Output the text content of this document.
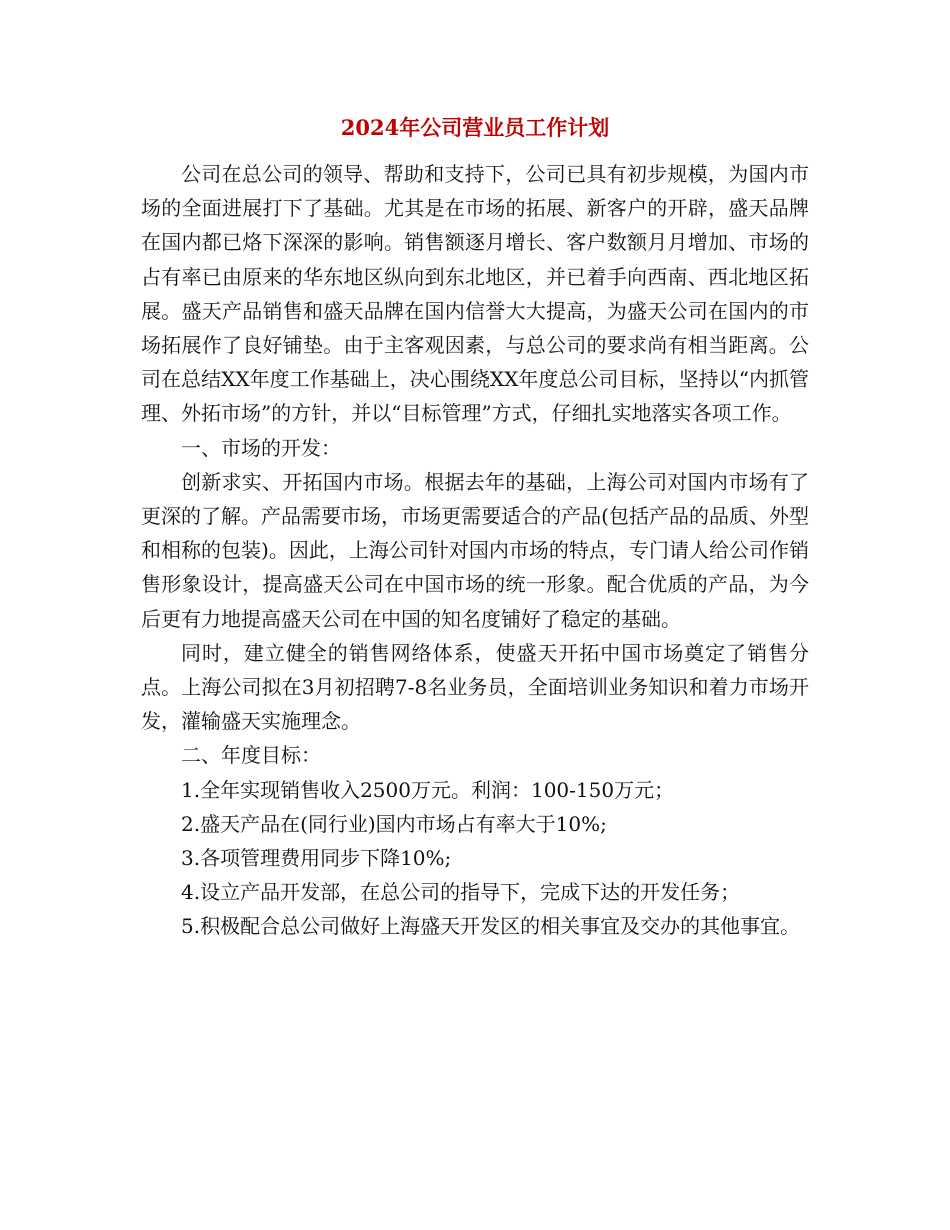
2024年公司营业员工作计划

公司在总公司的领导、帮助和支持下，公司已具有初步规模，为国内市场的全面进展打下了基础。尤其是在市场的拓展、新客户的开辟，盛天品牌在国内都已烙下深深的影响。销售额逐月增长、客户数额月月增加、市场的占有率已由原来的华东地区纵向到东北地区，并已着手向西南、西北地区拓展。盛天产品销售和盛天品牌在国内信誉大大提高，为盛天公司在国内的市场拓展作了良好铺垫。由于主客观因素，与总公司的要求尚有相当距离。公司在总结XX年度工作基础上，决心围绕XX年度总公司目标，坚持以“内抓管理、外拓市场”的方针，并以“目标管理”方式，仔细扎实地落实各项工作。

一、市场的开发：

创新求实、开拓国内市场。根据去年的基础，上海公司对国内市场有了更深的了解。产品需要市场，市场更需要适合的产品(包括产品的品质、外型和相称的包装)。因此，上海公司针对国内市场的特点，专门请人给公司作销售形象设计，提高盛天公司在中国市场的统一形象。配合优质的产品，为今后更有力地提高盛天公司在中国的知名度铺好了稳定的基础。

同时，建立健全的销售网络体系，使盛天开拓中国市场奠定了销售分点。上海公司拟在3月初招聘7-8名业务员，全面培训业务知识和着力市场开发，灌输盛天实施理念。

二、年度目标：

1.全年实现销售收入2500万元。利润：100-150万元；

2.盛天产品在(同行业)国内市场占有率大于10%;

3.各项管理费用同步下降10%;

4.设立产品开发部，在总公司的指导下，完成下达的开发任务；

5.积极配合总公司做好上海盛天开发区的相关事宜及交办的其他事宜。
